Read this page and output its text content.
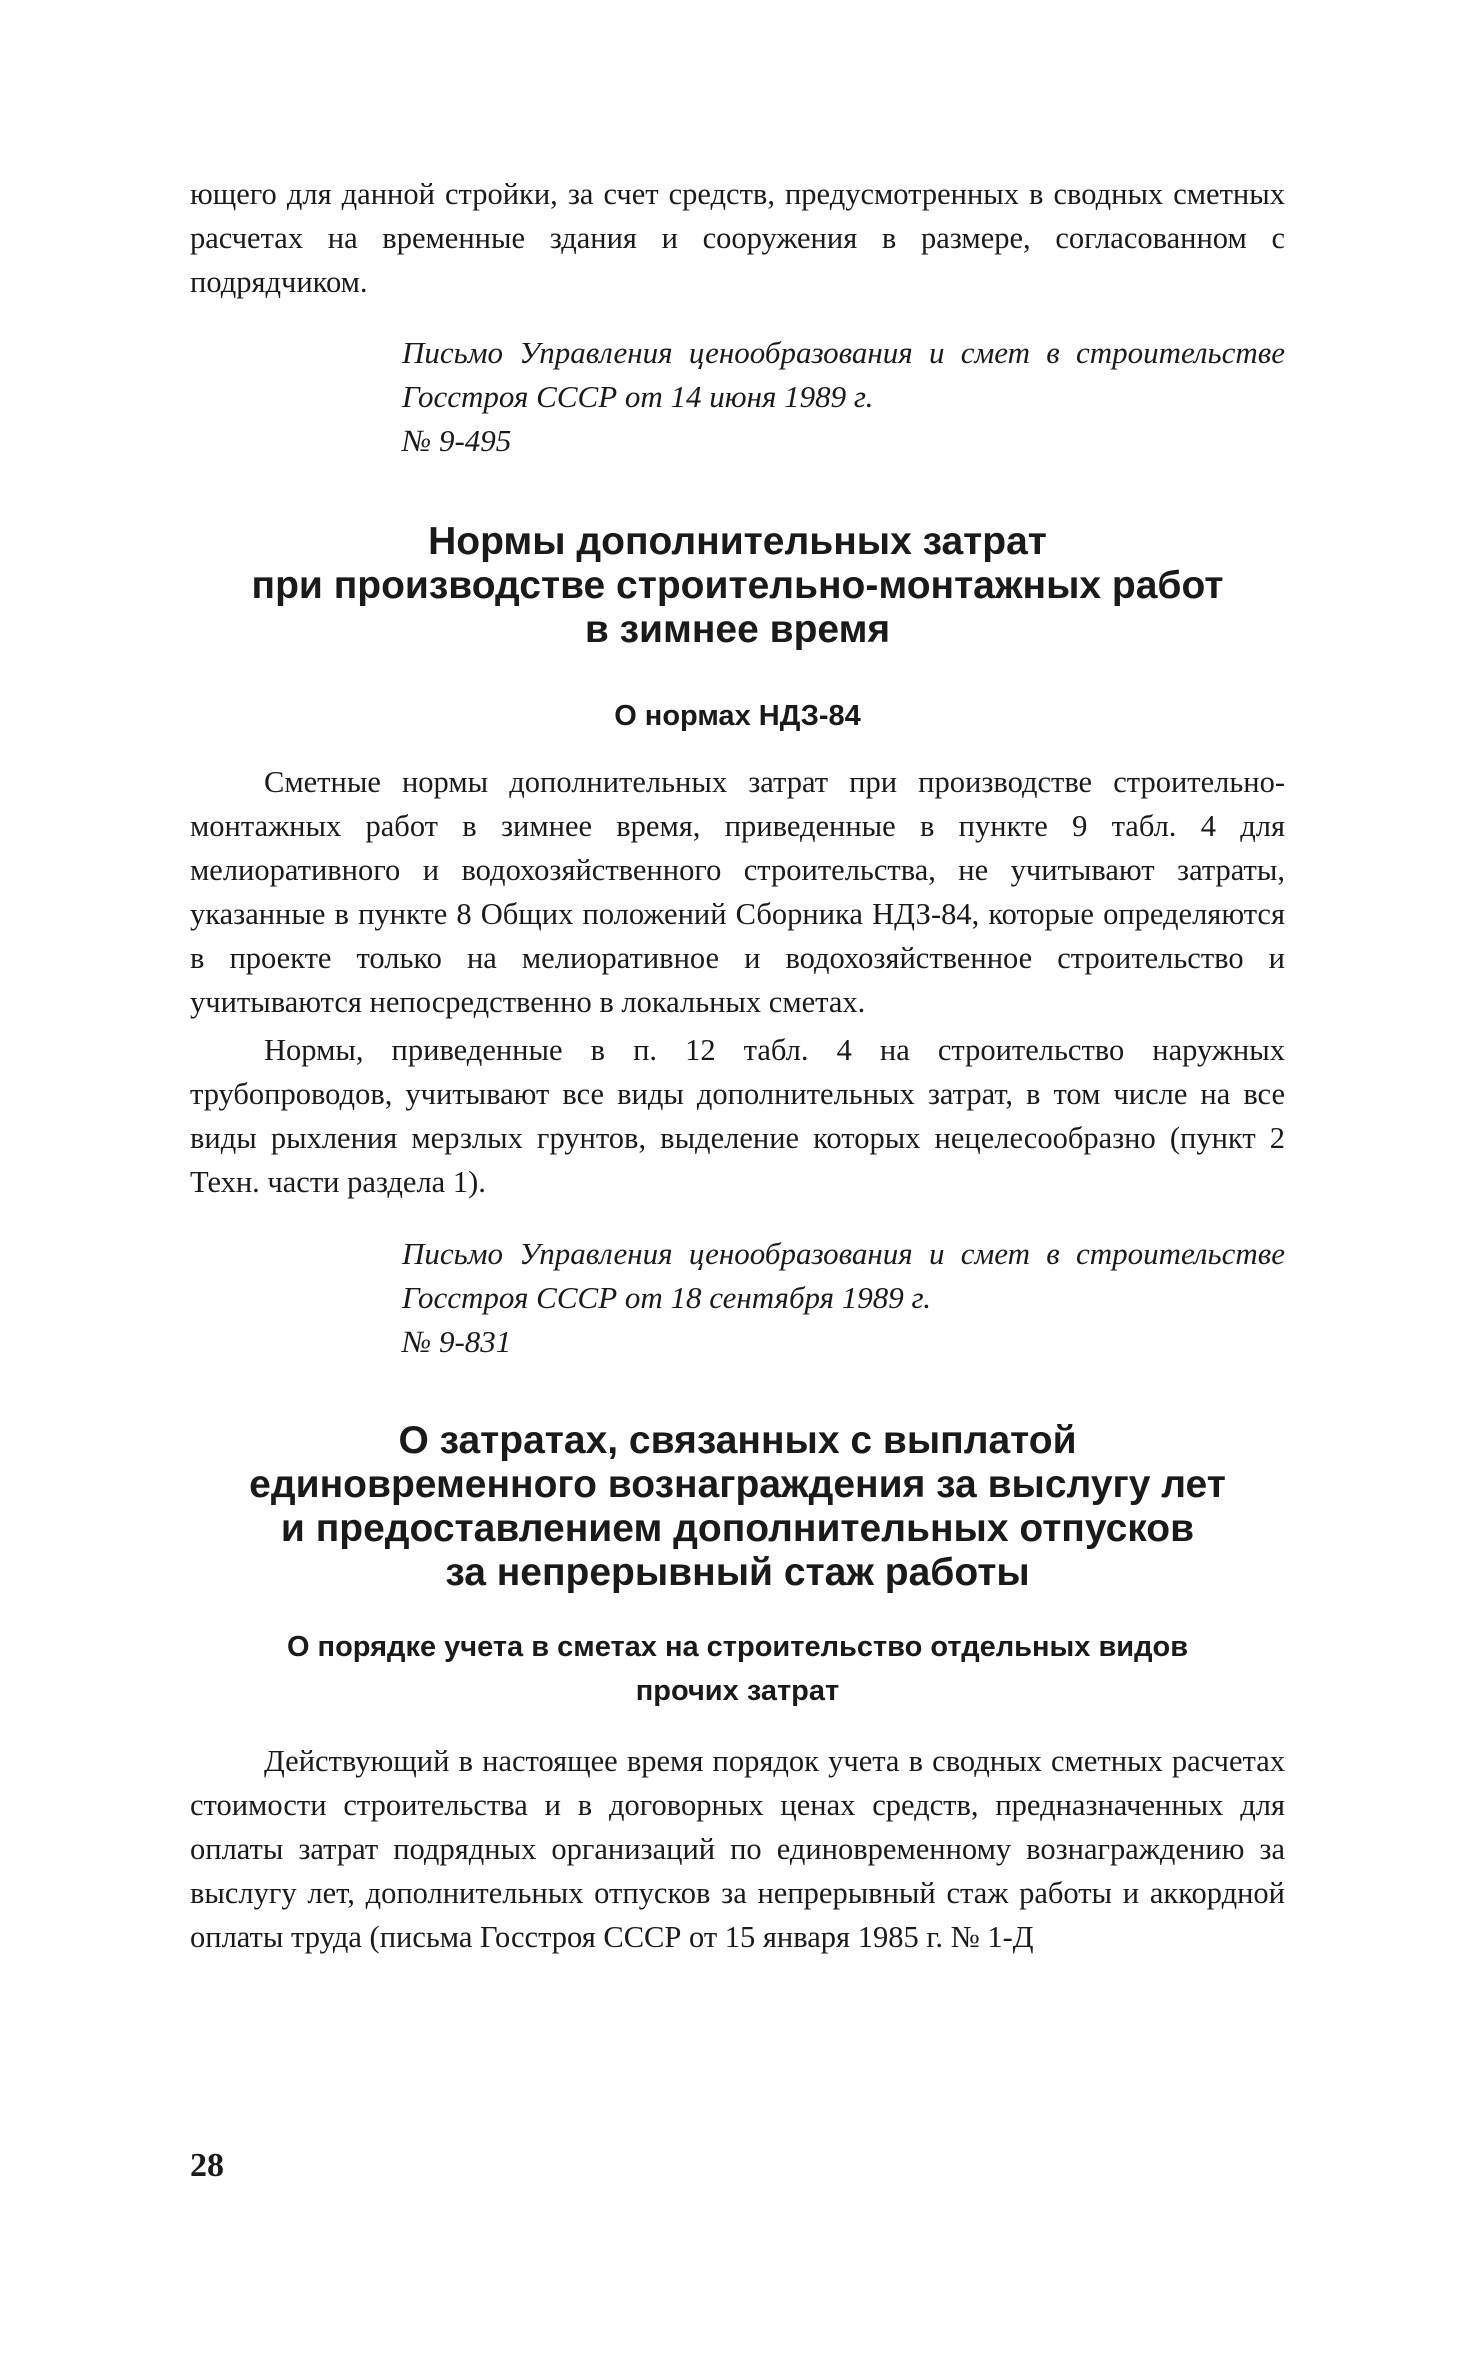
ющего для данной стройки, за счет средств, предусмотренных в сводных сметных расчетах на временные здания и сооружения в размере, согласованном с подрядчиком.

Письмо Управления ценообразования и смет в строительстве Госстроя СССР от 14 июня 1989 г.
№ 9-495

Нормы дополнительных затрат

при производстве строительно-монтажных работ

в зимнее время

О нормах НДЗ-84

Сметные нормы дополнительных затрат при производстве строительно-монтажных работ в зимнее время, приведенные в пункте 9 табл. 4 для мелиоративного и водохозяйственного строительства, не учитывают затраты, указанные в пункте 8 Общих положений Сборника НДЗ-84, которые определяются в проекте только на мелиоративное и водохозяйственное строительство и учитываются непосредственно в локальных сметах.

Нормы, приведенные в п. 12 табл. 4 на строительство наружных трубопроводов, учитывают все виды дополнительных затрат, в том числе на все виды рыхления мерзлых грунтов, выделение которых нецелесообразно (пункт 2 Техн. части раздела 1).

Письмо Управления ценообразования и смет в строительстве Госстроя СССР от 18 сентября 1989 г.
№ 9-831

О затратах, связанных с выплатой

единовременного вознаграждения за выслугу лет

и предоставлением дополнительных отпусков

за непрерывный стаж работы

О порядке учета в сметах на строительство отдельных видов

прочих затрат

Действующий в настоящее время порядок учета в сводных сметных расчетах стоимости строительства и в договорных ценах средств, предназначенных для оплаты затрат подрядных организаций по единовременному вознаграждению за выслугу лет, дополнительных отпусков за непрерывный стаж работы и аккордной оплаты труда (письма Госстроя СССР от 15 января 1985 г. № 1-Д

28
